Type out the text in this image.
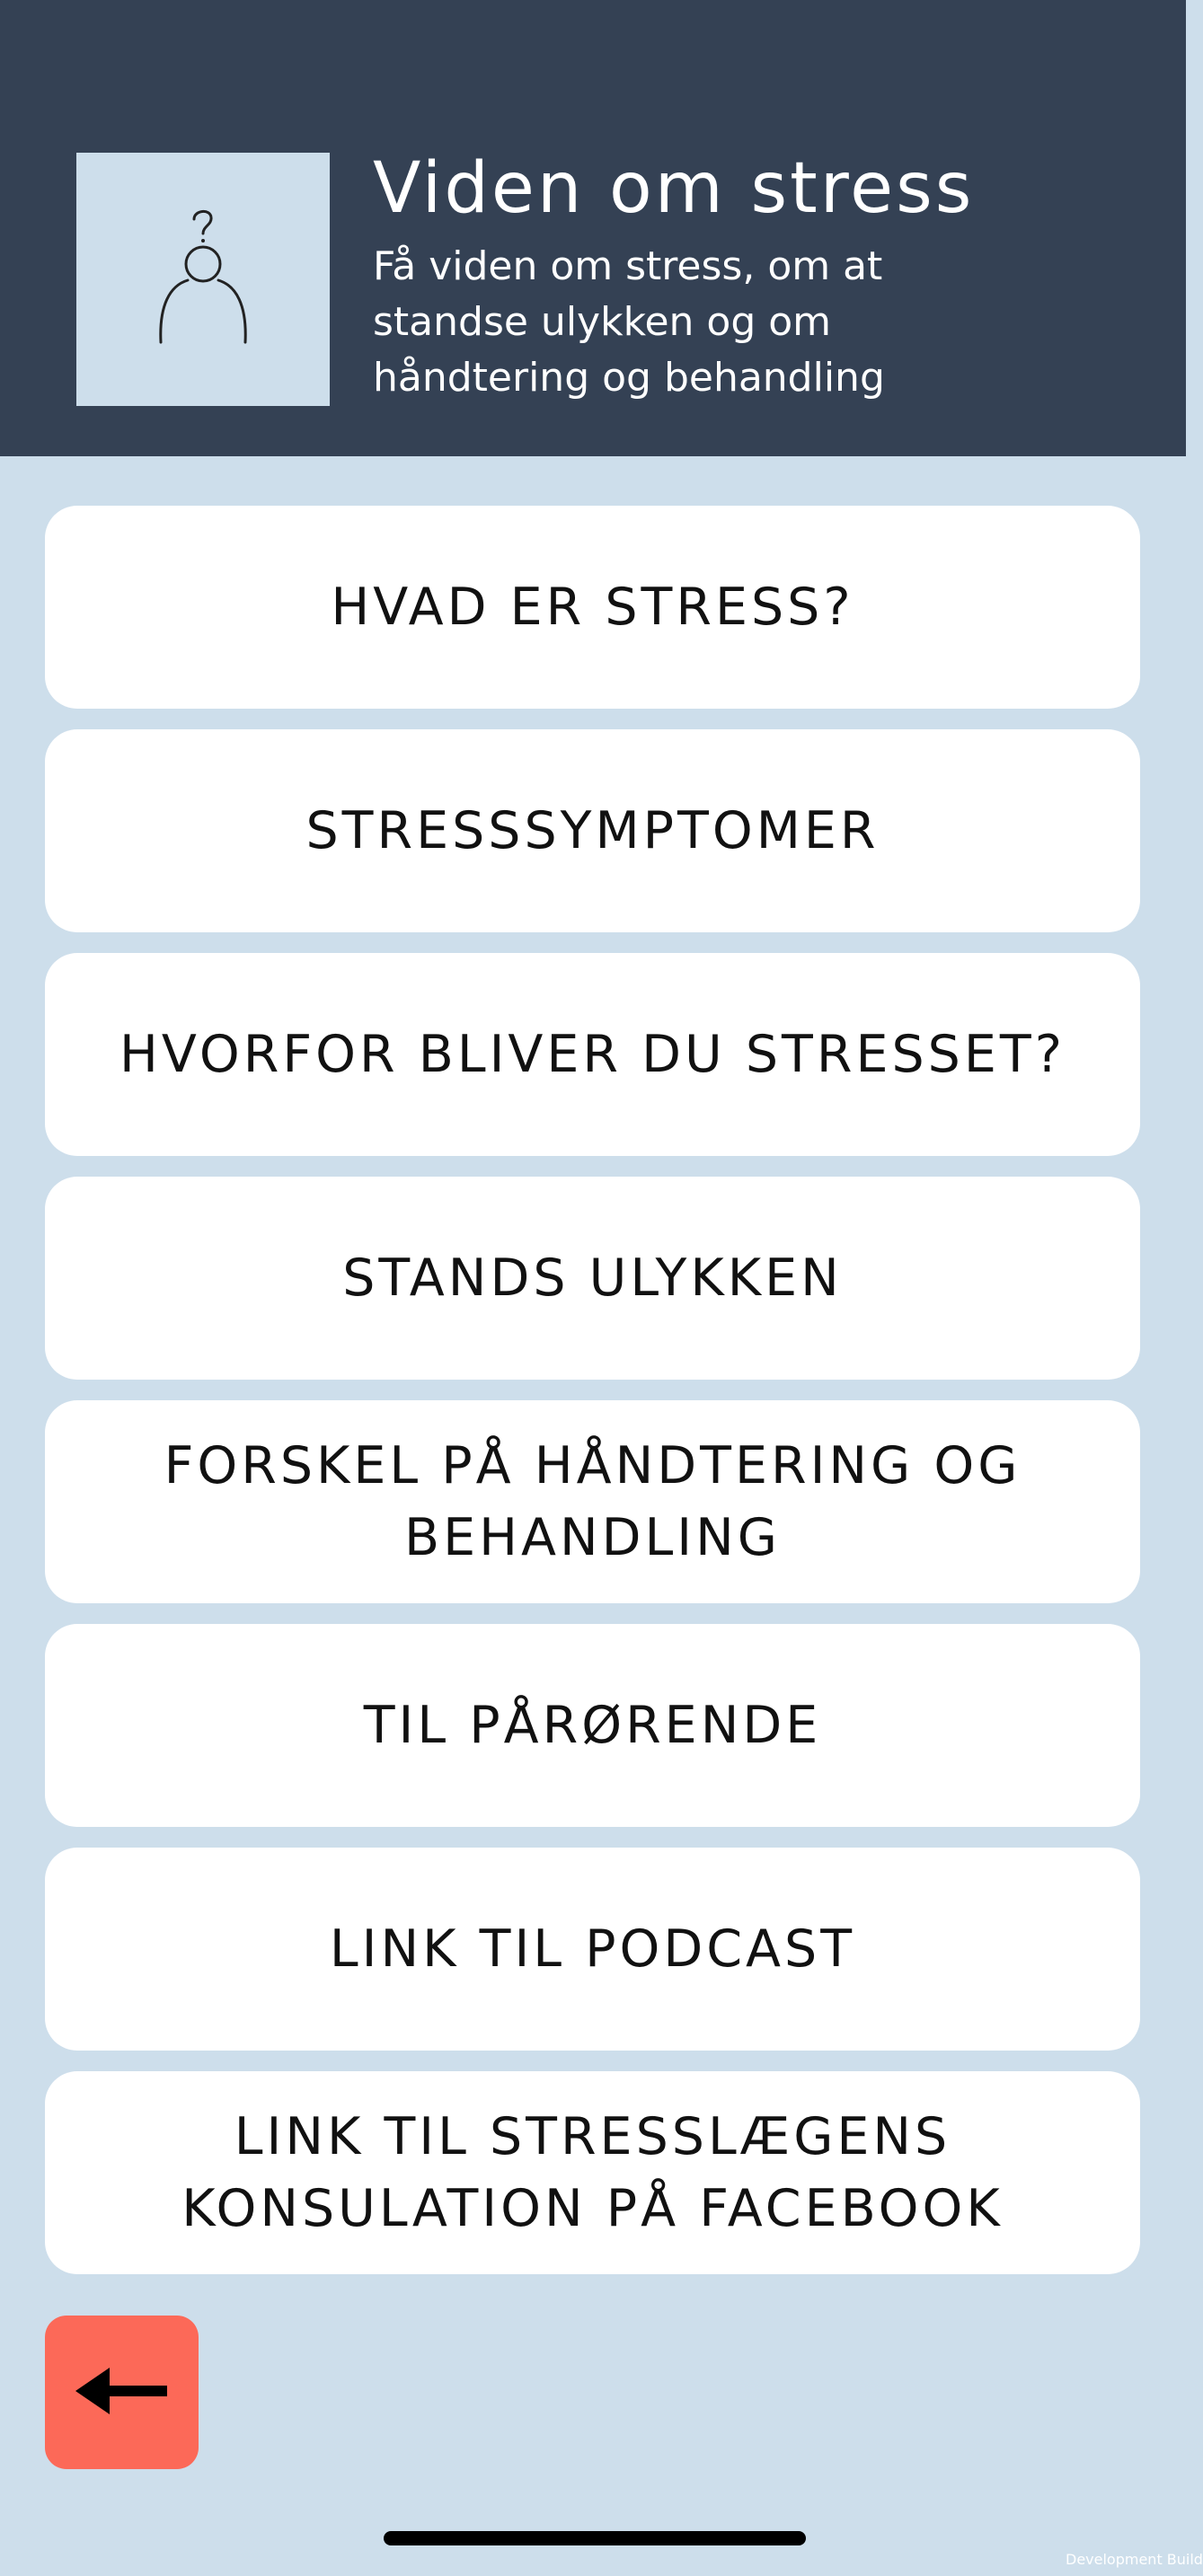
Viden om stress
Få viden om stress, om at standse ulykken og om håndtering og behandling
HVAD ER STRESS?
STRESSSYMPTOMER
HVORFOR BLIVER DU STRESSET?
STANDS ULYKKEN
FORSKEL PÅ HÅNDTERING OG BEHANDLING
TIL PÅRØRENDE
LINK TIL PODCAST
LINK TIL STRESSLÆGENS KONSULATION PÅ FACEBOOK
Development Build
